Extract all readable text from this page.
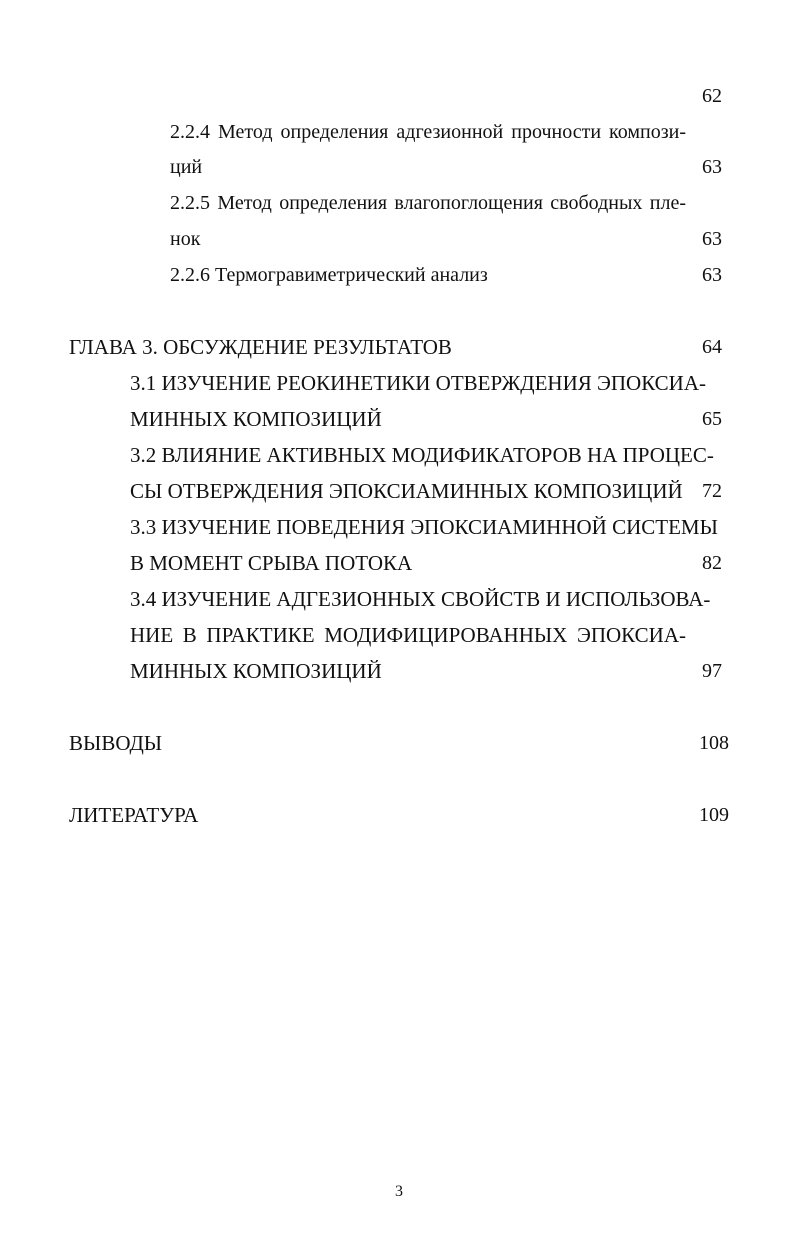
62
2.2.4 Метод определения адгезионной прочности компози-
ций	63
2.2.5 Метод определения влагопоглощения свободных пле-
нок	63
2.2.6 Термогравиметрический анализ	63
ГЛАВА 3. ОБСУЖДЕНИЕ РЕЗУЛЬТАТОВ	64
3.1 ИЗУЧЕНИЕ РЕОКИНЕТИКИ ОТВЕРЖДЕНИЯ ЭПОКСИА-
МИННЫХ КОМПОЗИЦИЙ	65
3.2 ВЛИЯНИЕ АКТИВНЫХ МОДИФИКАТОРОВ НА ПРОЦЕС-
СЫ ОТВЕРЖДЕНИЯ ЭПОКСИАМИННЫХ КОМПОЗИЦИЙ 72
3.3 ИЗУЧЕНИЕ ПОВЕДЕНИЯ ЭПОКСИАМИННОЙ СИСТЕМЫ
В МОМЕНТ СРЫВА ПОТОКА	82
3.4 ИЗУЧЕНИЕ АДГЕЗИОННЫХ СВОЙСТВ И ИСПОЛЬЗОВА-
НИЕ В ПРАКТИКЕ МОДИФИЦИРОВАННЫХ ЭПОКСИА-
МИННЫХ КОМПОЗИЦИЙ	97
ВЫВОДЫ	108
ЛИТЕРАТУРА	109
3
